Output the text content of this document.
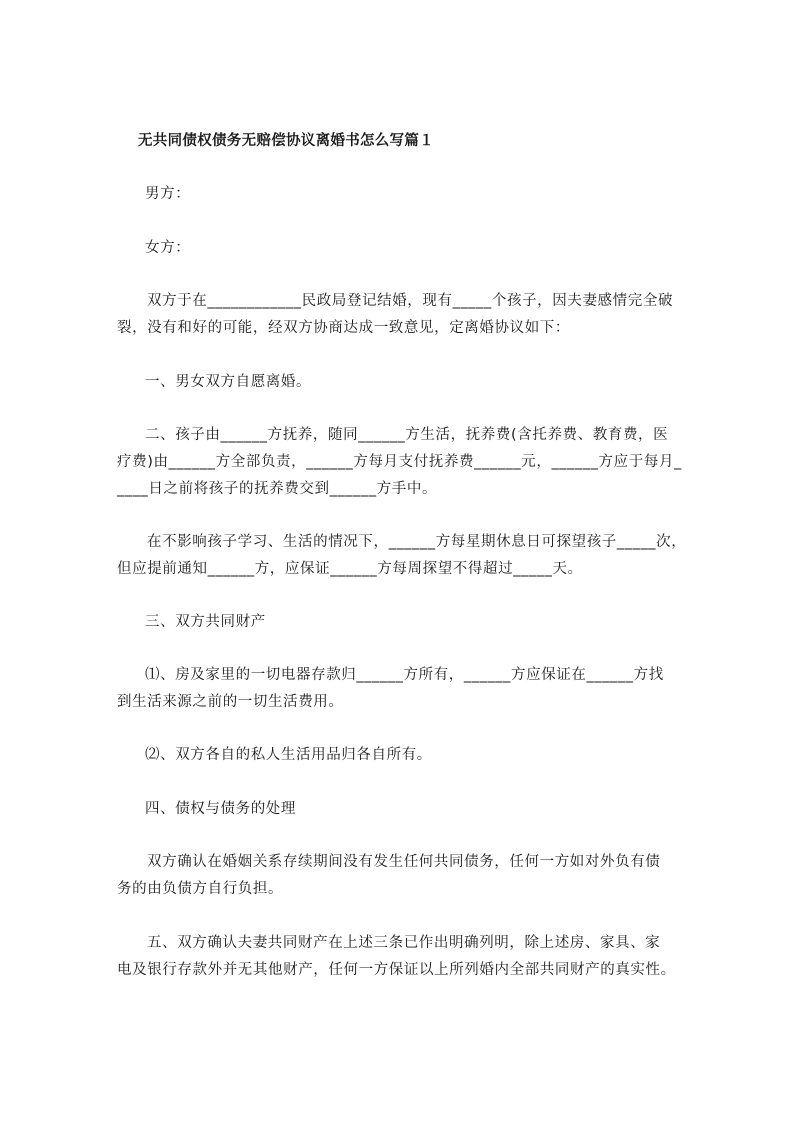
无共同债权债务无赔偿协议离婚书怎么写篇１
男方：
女方：
双方于在____________民政局登记结婚，现有_____个孩子，因夫妻感情完全破
裂，没有和好的可能，经双方协商达成一致意见，定离婚协议如下：
一、男女双方自愿离婚。
二、孩子由______方抚养，随同______方生活，抚养费(含托养费、教育费，医
疗费)由______方全部负责，______方每月支付抚养费______元，______方应于每月_
____日之前将孩子的抚养费交到______方手中。
在不影响孩子学习、生活的情况下，______方每星期休息日可探望孩子_____次，
但应提前通知______方，应保证______方每周探望不得超过_____天。
三、双方共同财产
⑴、房及家里的一切电器存款归______方所有，______方应保证在______方找
到生活来源之前的一切生活费用。
⑵、双方各自的私人生活用品归各自所有。
四、债权与债务的处理
双方确认在婚姻关系存续期间没有发生任何共同债务，任何一方如对外负有债
务的由负债方自行负担。
五、双方确认夫妻共同财产在上述三条已作出明确列明，除上述房、家具、家
电及银行存款外并无其他财产，任何一方保证以上所列婚内全部共同财产的真实性。
